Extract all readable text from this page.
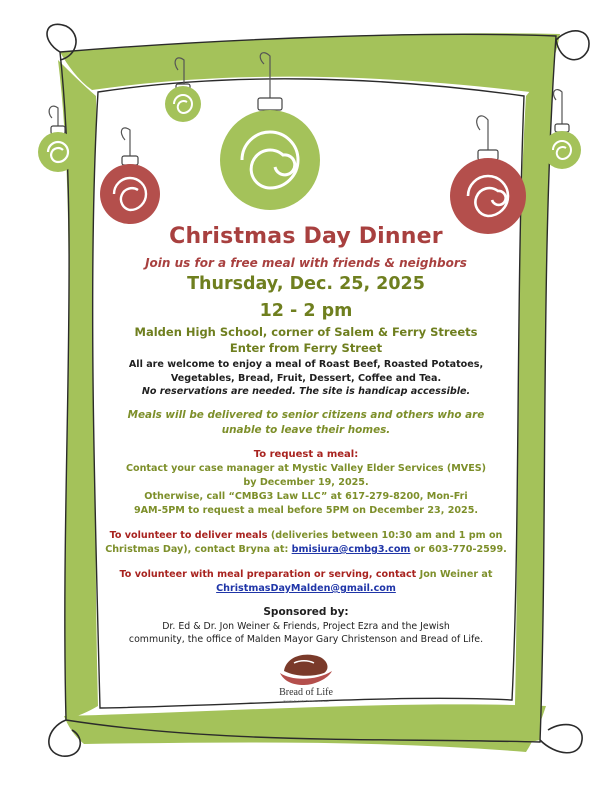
Christmas Day Dinner
Join us for a free meal with friends & neighbors
Thursday, Dec. 25, 2025
12 - 2 pm
Malden High School, corner of Salem & Ferry Streets
Enter from Ferry Street
All are welcome to enjoy a meal of Roast Beef, Roasted Potatoes,
Vegetables, Bread, Fruit, Dessert, Coffee and Tea.
No reservations are needed. The site is handicap accessible.
Meals will be delivered to senior citizens and others who are
unable to leave their homes.
To request a meal:
Contact your case manager at Mystic Valley Elder Services (MVES)
by December 19, 2025.
Otherwise, call “CMBG3 Law LLC” at 617-279-8200, Mon-Fri
9AM-5PM to request a meal before 5PM on December 23, 2025.
To volunteer to deliver meals (deliveries between 10:30 am and 1 pm on
Christmas Day), contact Bryna at: bmisiura@cmbg3.com or 603-770-2599.
To volunteer with meal preparation or serving, contact Jon Weiner at
ChristmasDayMalden@gmail.com
Sponsored by:
Dr. Ed & Dr. Jon Weiner & Friends, Project Ezra and the Jewish
community, the office of Malden Mayor Gary Christenson and Bread of Life.
Bread of Life
Food for the body · Nurture for the soul
